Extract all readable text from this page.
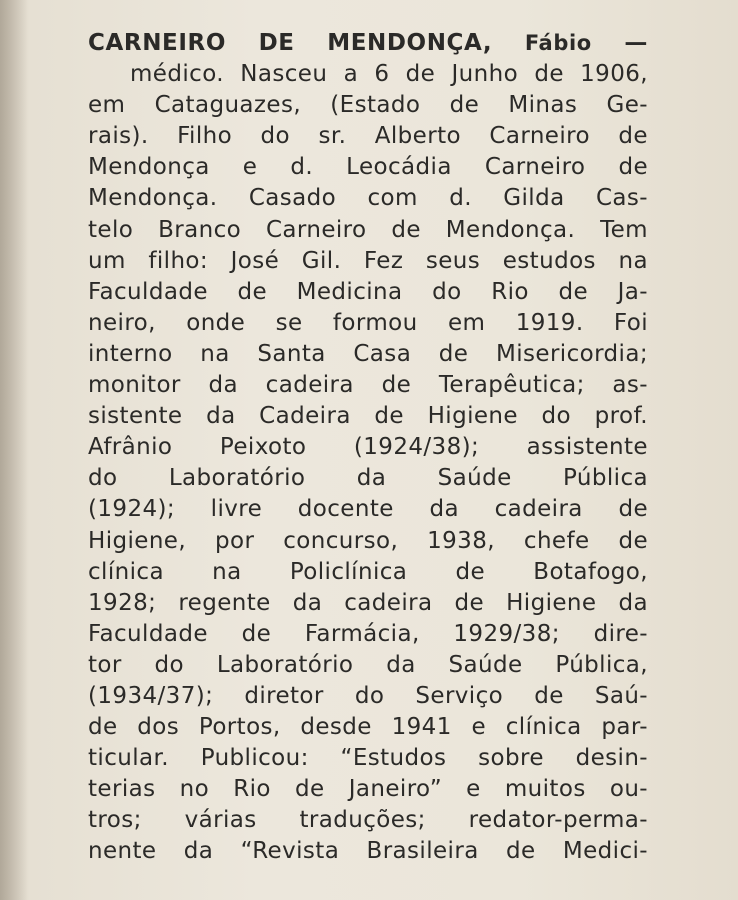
CARNEIRO DE MENDONÇA, Fábio —
médico. Nasceu a 6 de Junho de 1906,
em Cataguazes, (Estado de Minas Ge-
rais). Filho do sr. Alberto Carneiro de
Mendonça e d. Leocádia Carneiro de
Mendonça. Casado com d. Gilda Cas-
telo Branco Carneiro de Mendonça. Tem
um filho: José Gil. Fez seus estudos na
Faculdade de Medicina do Rio de Ja-
neiro, onde se formou em 1919. Foi
interno na Santa Casa de Misericordia;
monitor da cadeira de Terapêutica; as-
sistente da Cadeira de Higiene do prof.
Afrânio Peixoto (1924/38); assistente
do Laboratório da Saúde Pública
(1924); livre docente da cadeira de
Higiene, por concurso, 1938, chefe de
clínica na Policlínica de Botafogo,
1928; regente da cadeira de Higiene da
Faculdade de Farmácia, 1929/38; dire-
tor do Laboratório da Saúde Pública,
(1934/37); diretor do Serviço de Saú-
de dos Portos, desde 1941 e clínica par-
ticular. Publicou: “Estudos sobre desin-
terias no Rio de Janeiro” e muitos ou-
tros; várias traduções; redator-perma-
nente da “Revista Brasileira de Medici-
